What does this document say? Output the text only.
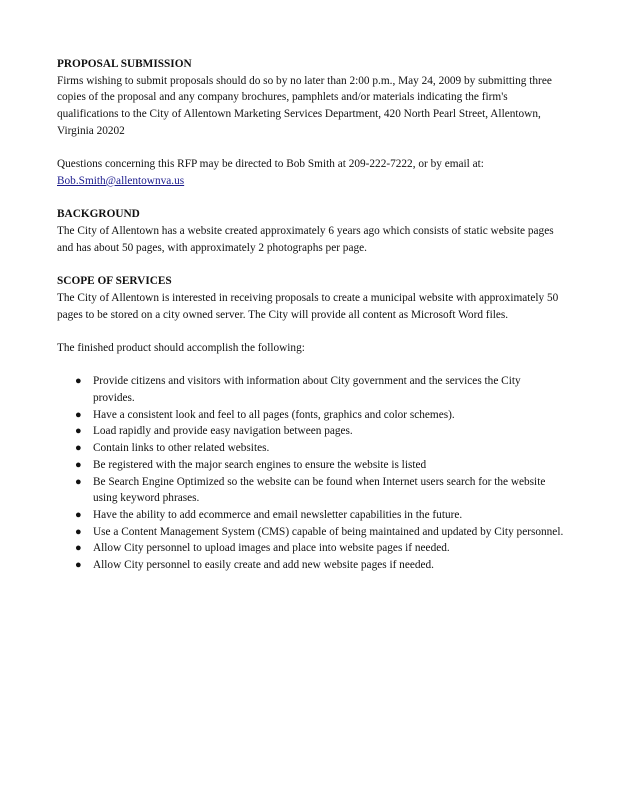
PROPOSAL SUBMISSION

Firms wishing to submit proposals should do so by no later than 2:00 p.m., May 24, 2009 by submitting three copies of the proposal and any company brochures, pamphlets and/or materials indicating the firm's qualifications to the City of Allentown Marketing Services Department, 420 North Pearl Street, Allentown, Virginia 20202

Questions concerning this RFP may be directed to Bob Smith at 209-222-7222, or by email at:
Bob.Smith@allentownva.us

BACKGROUND

The City of Allentown has a website created approximately 6 years ago which consists of static website pages and has about 50 pages, with approximately 2 photographs per page.

SCOPE OF SERVICES

The City of Allentown is interested in receiving proposals to create a municipal website with approximately 50 pages to be stored on a city owned server. The City will provide all content as Microsoft Word files.

The finished product should accomplish the following:

● Provide citizens and visitors with information about City government and the services the City provides.
● Have a consistent look and feel to all pages (fonts, graphics and color schemes).
● Load rapidly and provide easy navigation between pages.
● Contain links to other related websites.
● Be registered with the major search engines to ensure the website is listed
● Be Search Engine Optimized so the website can be found when Internet users search for the website using keyword phrases.
● Have the ability to add ecommerce and email newsletter capabilities in the future.
● Use a Content Management System (CMS) capable of being maintained and updated by City personnel.
● Allow City personnel to upload images and place into website pages if needed.
● Allow City personnel to easily create and add new website pages if needed.
